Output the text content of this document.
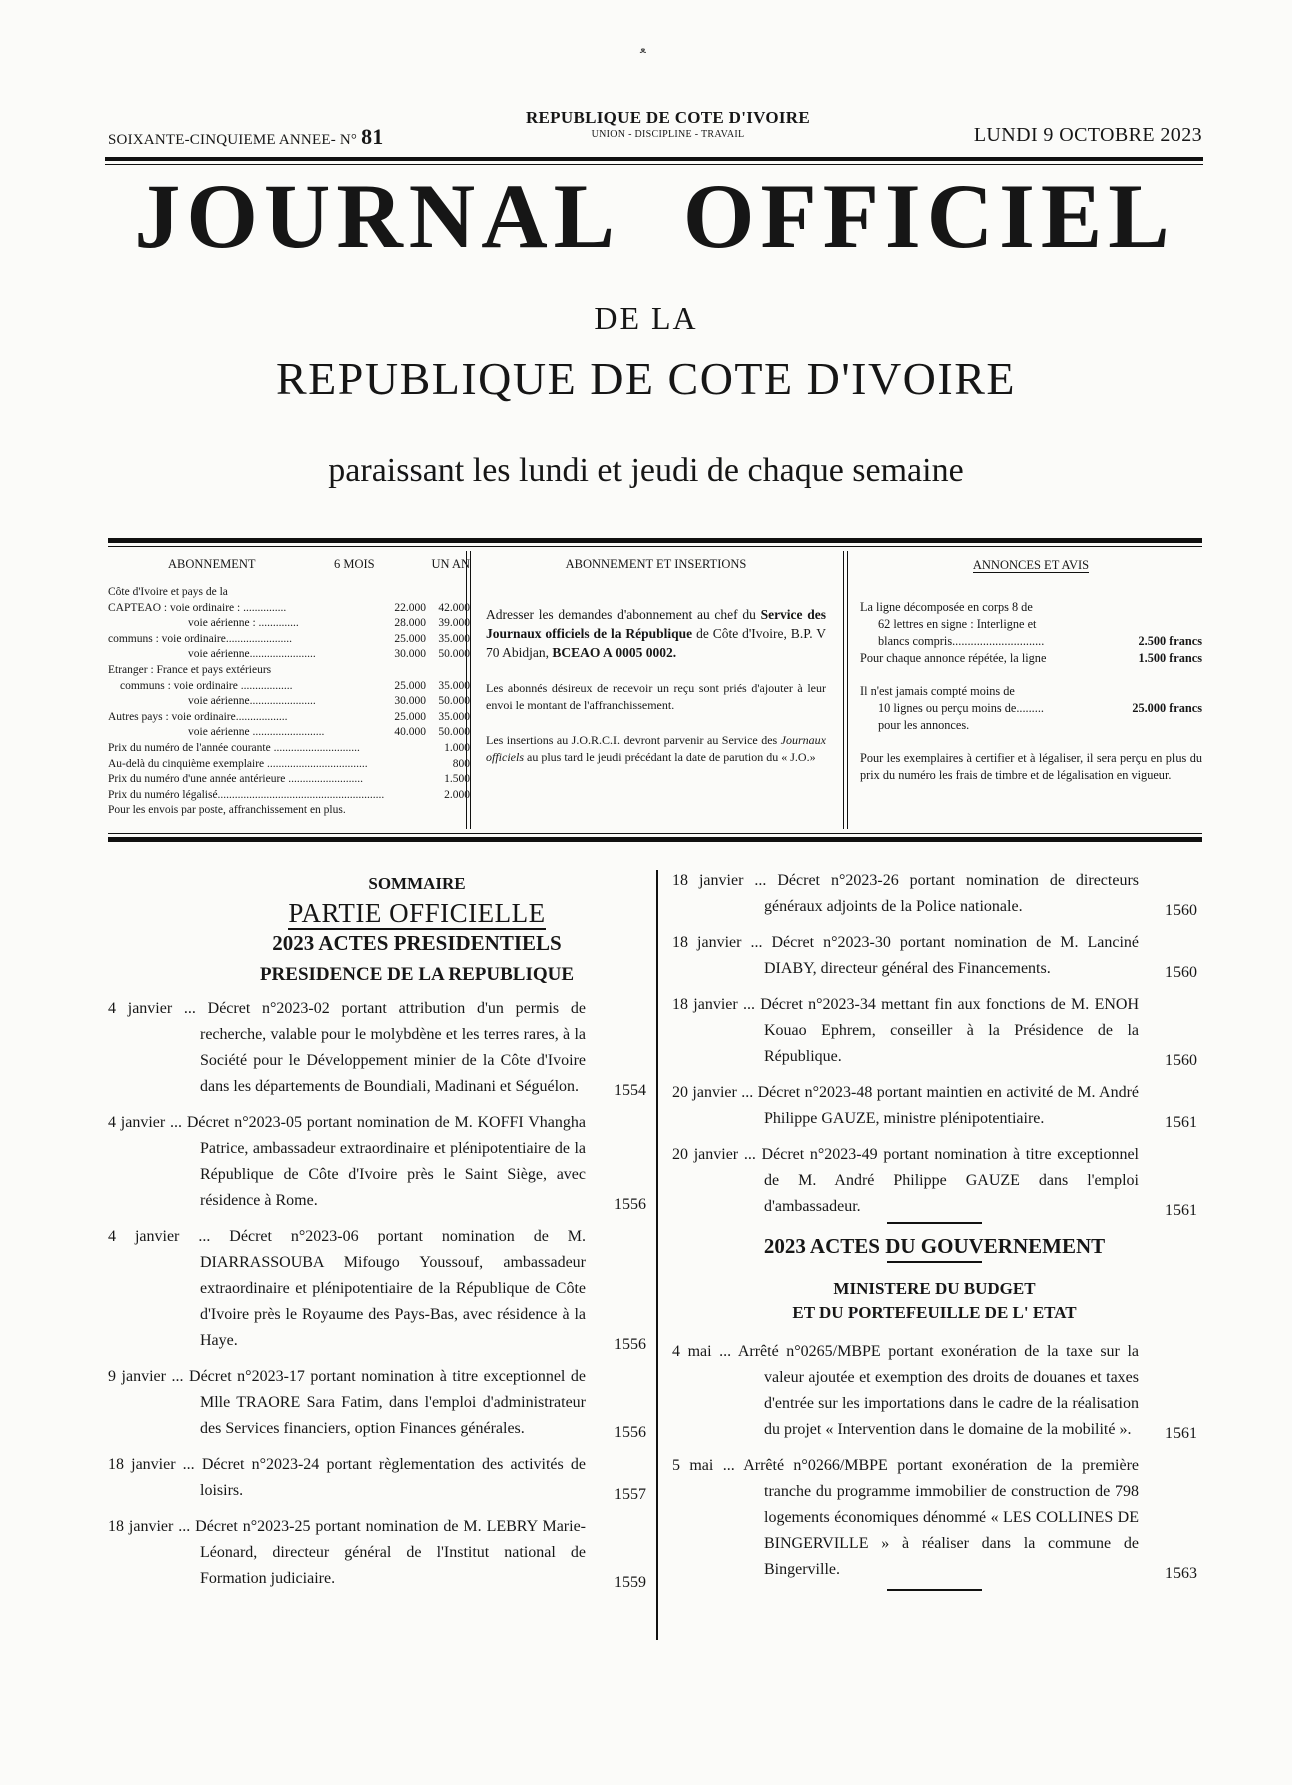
ﻌ
SOIXANTE-CINQUIEME ANNEE- N° 81
REPUBLIQUE DE COTE D'IVOIRE
UNION - DISCIPLINE - TRAVAIL	LUNDI 9 OCTOBRE 2023
JOURNAL OFFICIEL
DE LA
REPUBLIQUE DE COTE D'IVOIRE
paraissant les lundi et jeudi de chaque semaine
ABONNEMENT	6 MOIS	UN AN
Côte d'Ivoire et pays de la
CAPTEAO : voie ordinaire : ...............	22.000 42.000
voie aérienne : ..............	28.000 39.000
communs : voie ordinaire.......................	25.000 35.000
voie aérienne.......................	30.000 50.000
Etranger : France et pays extérieurs
communs : voie ordinaire ..................	25.000 35.000
voie aérienne.......................	30.000 50.000
Autres pays : voie ordinaire..................	25.000 35.000
voie aérienne .........................	40.000 50.000
Prix du numéro de l'année courante ..............................	1.000
Au-delà du cinquième exemplaire ...................................	800
Prix du numéro d'une année antérieure ..........................	1.500
Prix du numéro légalisé..........................................................	2.000
Pour les envois par poste, affranchissement en plus.
ABONNEMENT ET INSERTIONS

Adresser les demandes d'abonnement au chef du Service des Journaux officiels de la République de Côte d'Ivoire, B.P. V 70 Abidjan, BCEAO A 0005 0002.

Les abonnés désireux de recevoir un reçu sont priés d'ajouter à leur envoi le montant de l'affranchissement.

Les insertions au J.O.R.C.I. devront parvenir au Service des Journaux officiels au plus tard le jeudi précédant la date de parution du « J.O.»

ANNONCES ET AVIS
La ligne décomposée en corps 8 de
62 lettres en signe : Interligne et
blancs compris..............................	2.500 francs
Pour chaque annonce répétée, la ligne	1.500 francs
Il n'est jamais compté moins de
10 lignes ou perçu moins de.........	25.000 francs
pour les annonces.
Pour les exemplaires à certifier et à légaliser, il sera perçu en plus du prix du numéro les frais de timbre et de légalisation en vigueur.
SOMMAIRE
PARTIE OFFICIELLE
2023 ACTES PRESIDENTIELS
PRESIDENCE DE LA REPUBLIQUE
4 janvier ... Décret n°2023-02 portant attribution d'un permis de recherche, valable pour le molybdène et les terres rares, à la Société pour le Développement minier de la Côte d'Ivoire dans les départements de Boundiali, Madinani et Séguélon.	1554
4 janvier ... Décret n°2023-05 portant nomination de M. KOFFI Vhangha Patrice, ambassadeur extraordinaire et plénipotentiaire de la République de Côte d'Ivoire près le Saint Siège, avec résidence à Rome.	1556
4 janvier ... Décret n°2023-06 portant nomination de M. DIARRASSOUBA Mifougo Youssouf, ambassadeur extraordinaire et plénipotentiaire de la République de Côte d'Ivoire près le Royaume des Pays-Bas, avec résidence à la Haye.	1556
9 janvier ... Décret n°2023-17 portant nomination à titre exceptionnel de Mlle TRAORE Sara Fatim, dans l'emploi d'administrateur des Services financiers, option Finances générales.	1556
18 janvier ... Décret n°2023-24 portant règlementation des activités de loisirs.	1557
18 janvier ... Décret n°2023-25 portant nomination de M. LEBRY Marie-Léonard, directeur général de l'Institut national de Formation judiciaire.	1559
18 janvier ... Décret n°2023-26 portant nomination de directeurs généraux adjoints de la Police nationale.	1560
18 janvier ... Décret n°2023-30 portant nomination de M. Lanciné DIABY, directeur général des Financements.	1560
18 janvier ... Décret n°2023-34 mettant fin aux fonctions de M. ENOH Kouao Ephrem, conseiller à la Présidence de la République.	1560
20 janvier ... Décret n°2023-48 portant maintien en activité de M. André Philippe GAUZE, ministre plénipotentiaire.	1561
20 janvier ... Décret n°2023-49 portant nomination à titre exceptionnel de M. André Philippe GAUZE dans l'emploi d'ambassadeur.	1561
2023 ACTES DU GOUVERNEMENT
MINISTERE DU BUDGET
ET DU PORTEFEUILLE DE L' ETAT
4 mai ... Arrêté n°0265/MBPE portant exonération de la taxe sur la valeur ajoutée et exemption des droits de douanes et taxes d'entrée sur les importations dans le cadre de la réalisation du projet « Intervention dans le domaine de la mobilité ».	1561
5 mai ... Arrêté n°0266/MBPE portant exonération de la première tranche du programme immobilier de construction de 798 logements économiques dénommé « LES COLLINES DE BINGERVILLE » à réaliser dans la commune de Bingerville.	1563
